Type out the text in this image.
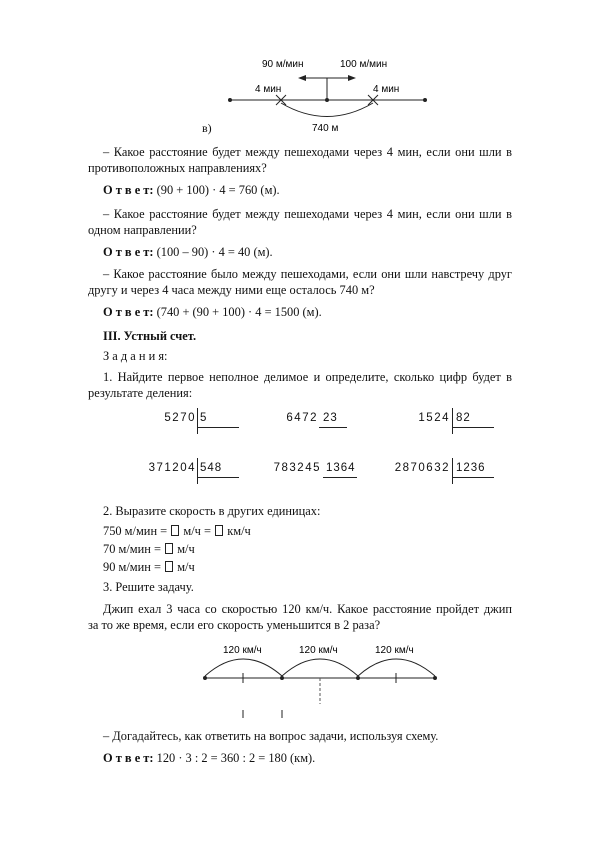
90 м/мин	100 м/мин
4 мин	4 мин
740 м
в)
– Какое расстояние будет между пешеходами через 4 мин, если они шли в
противоположных направлениях?
О т в е т: (90 + 100) · 4 = 760 (м).
– Какое расстояние будет между пешеходами через 4 мин, если они шли в
одном направлении?
О т в е т: (100 – 90) · 4 = 40 (м).
– Какое расстояние было между пешеходами, если они шли навстречу друг
другу и через 4 часа между ними еще осталось 740 м?
О т в е т: (740 + (90 + 100) · 4 = 1500 (м).
III. Устный счет.
З а д а н и я:
1. Найдите первое неполное делимое и определите, сколько цифр будет в
результате деления:
5270 5	6472 23	1524 82
371204 548	783245 1364	2870632 1236
2. Выразите скорость в других единицах:
750 м/мин = м/ч = км/ч
70 м/мин = м/ч
90 м/мин = м/ч
3. Решите задачу.
Джип ехал 3 часа со скоростью 120 км/ч. Какое расстояние пройдет джип
за то же время, если его скорость уменьшится в 2 раза?
120 км/ч	120 км/ч	120 км/ч
– Догадайтесь, как ответить на вопрос задачи, используя схему.
О т в е т: 120 · 3 : 2 = 360 : 2 = 180 (км).
